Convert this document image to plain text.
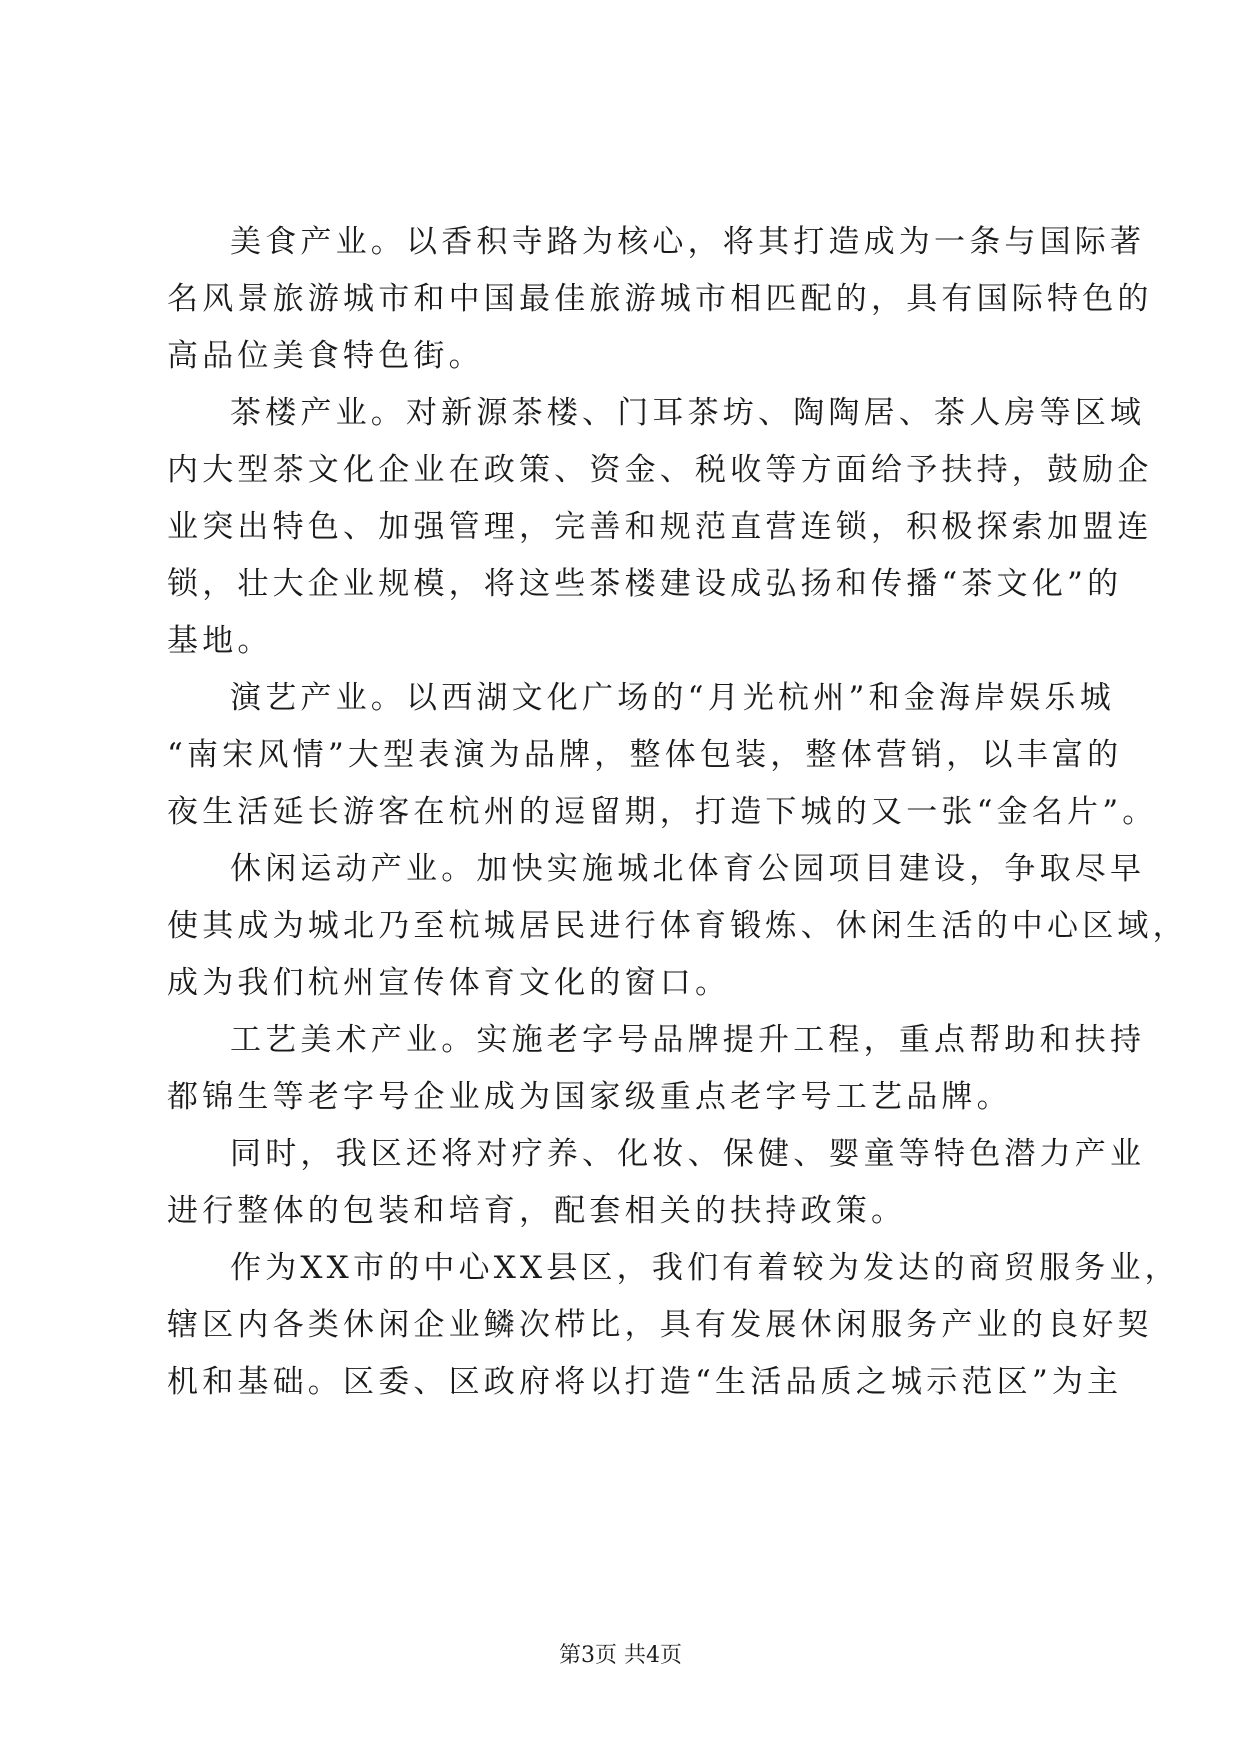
美食产业。以香积寺路为核心，将其打造成为一条与国际著
名风景旅游城市和中国最佳旅游城市相匹配的，具有国际特色的
高品位美食特色街。
茶楼产业。对新源茶楼、门耳茶坊、陶陶居、茶人房等区域
内大型茶文化企业在政策、资金、税收等方面给予扶持，鼓励企
业突出特色、加强管理，完善和规范直营连锁，积极探索加盟连
锁，壮大企业规模，将这些茶楼建设成弘扬和传播“茶文化”的
基地。
演艺产业。以西湖文化广场的“月光杭州”和金海岸娱乐城
“南宋风情”大型表演为品牌，整体包装，整体营销，以丰富的
夜生活延长游客在杭州的逗留期，打造下城的又一张“金名片”。
休闲运动产业。加快实施城北体育公园项目建设，争取尽早
使其成为城北乃至杭城居民进行体育锻炼、休闲生活的中心区域，
成为我们杭州宣传体育文化的窗口。
工艺美术产业。实施老字号品牌提升工程，重点帮助和扶持
都锦生等老字号企业成为国家级重点老字号工艺品牌。
同时，我区还将对疗养、化妆、保健、婴童等特色潜力产业
进行整体的包装和培育，配套相关的扶持政策。
作为XX市的中心XX县区，我们有着较为发达的商贸服务业，
辖区内各类休闲企业鳞次栉比，具有发展休闲服务产业的良好契
机和基础。区委、区政府将以打造“生活品质之城示范区”为主
第3页 共4页
